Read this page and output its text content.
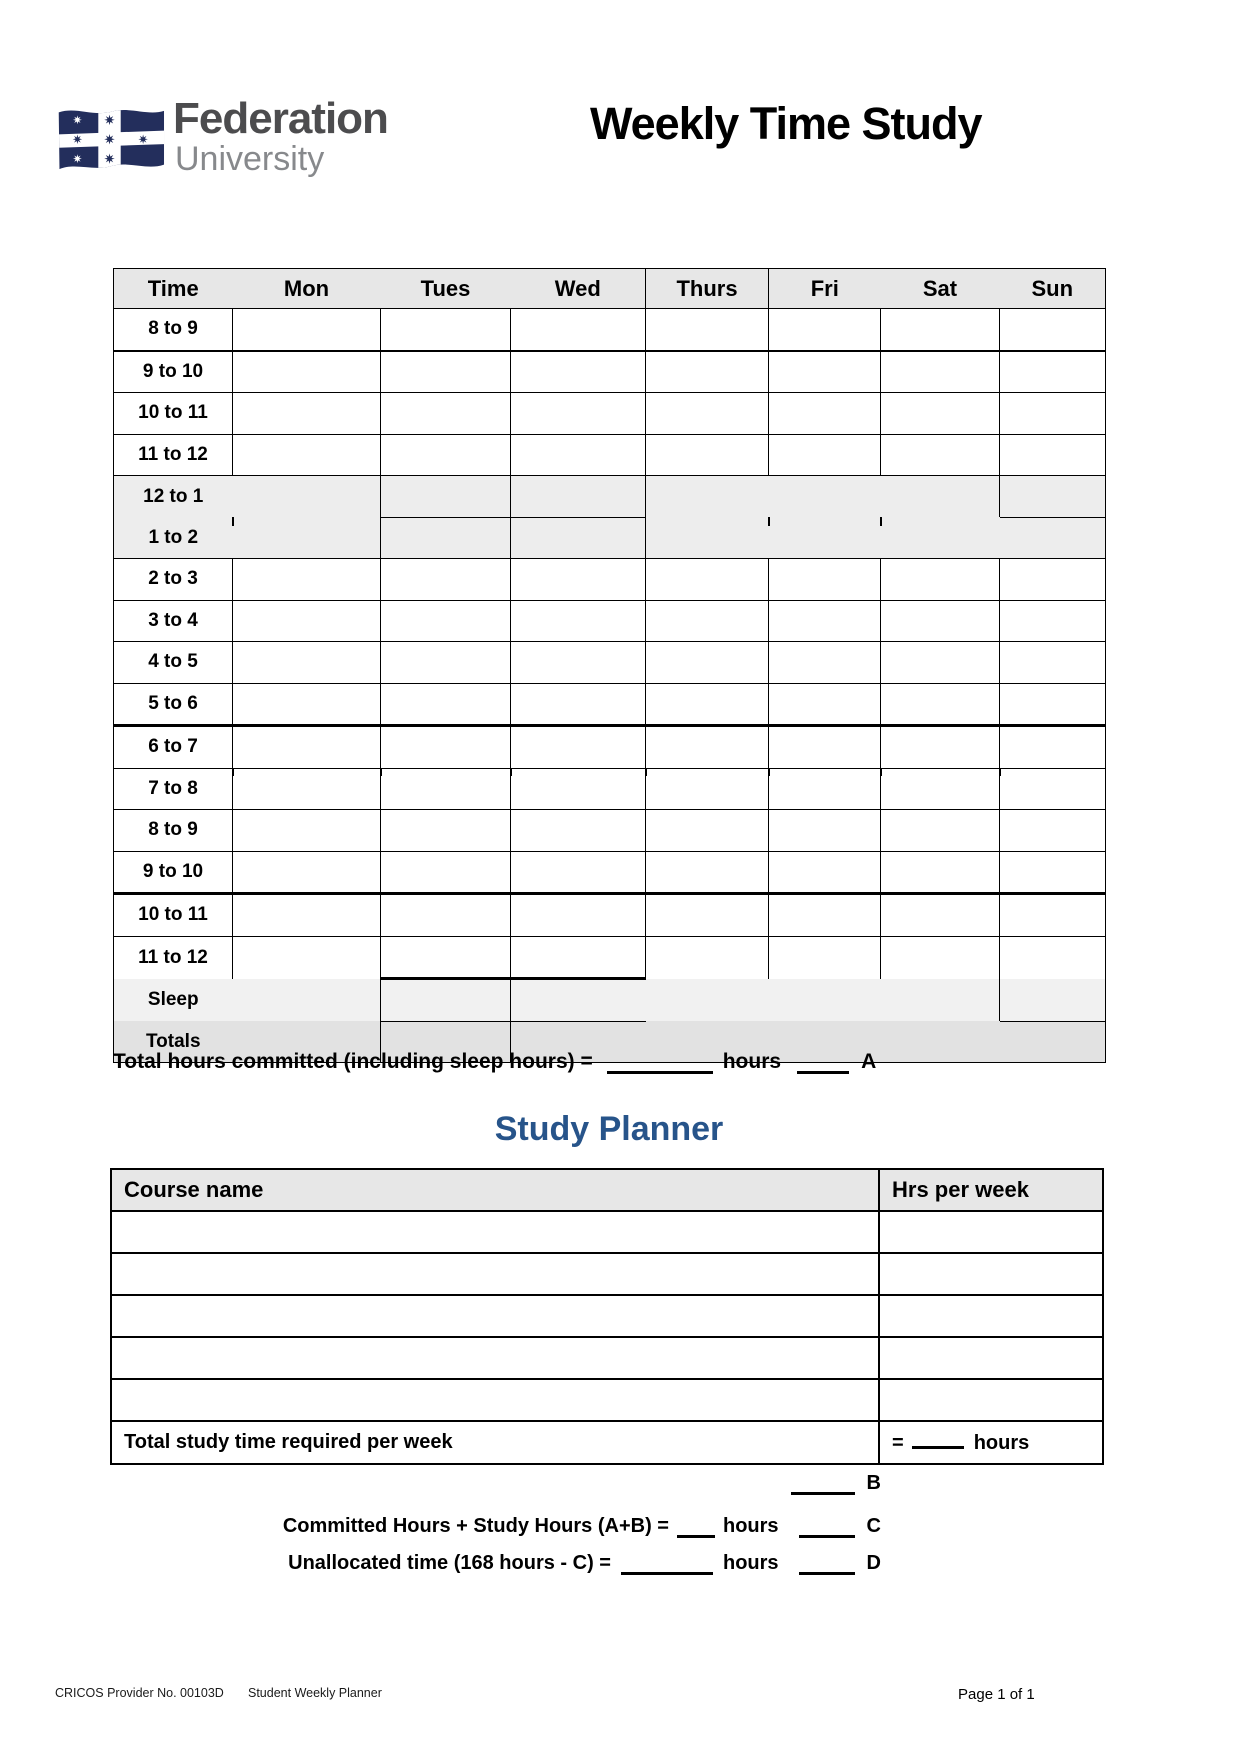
Federation
University
Weekly Time Study
Time	Mon	Tues	Wed	Thurs	Fri	Sat	Sun
8 to 9							
9 to 10							
10 to 11							
11 to 12							
12 to 1							
1 to 2							
2 to 3							
3 to 4							
4 to 5							
5 to 6							
6 to 7							
7 to 8							
8 to 9							
9 to 10							
10 to 11							
11 to 12							
Sleep							
Totals							
Total hours committed (including sleep hours) =	hours	A
Study Planner
Course name	Hrs per week

Total study time required per week	= hours
B
Committed Hours + Study Hours (A+B) =	hours	C
Unallocated time (168 hours - C) =	hours	D
CRICOS Provider No. 00103D Student Weekly Planner	Page 1 of 1
